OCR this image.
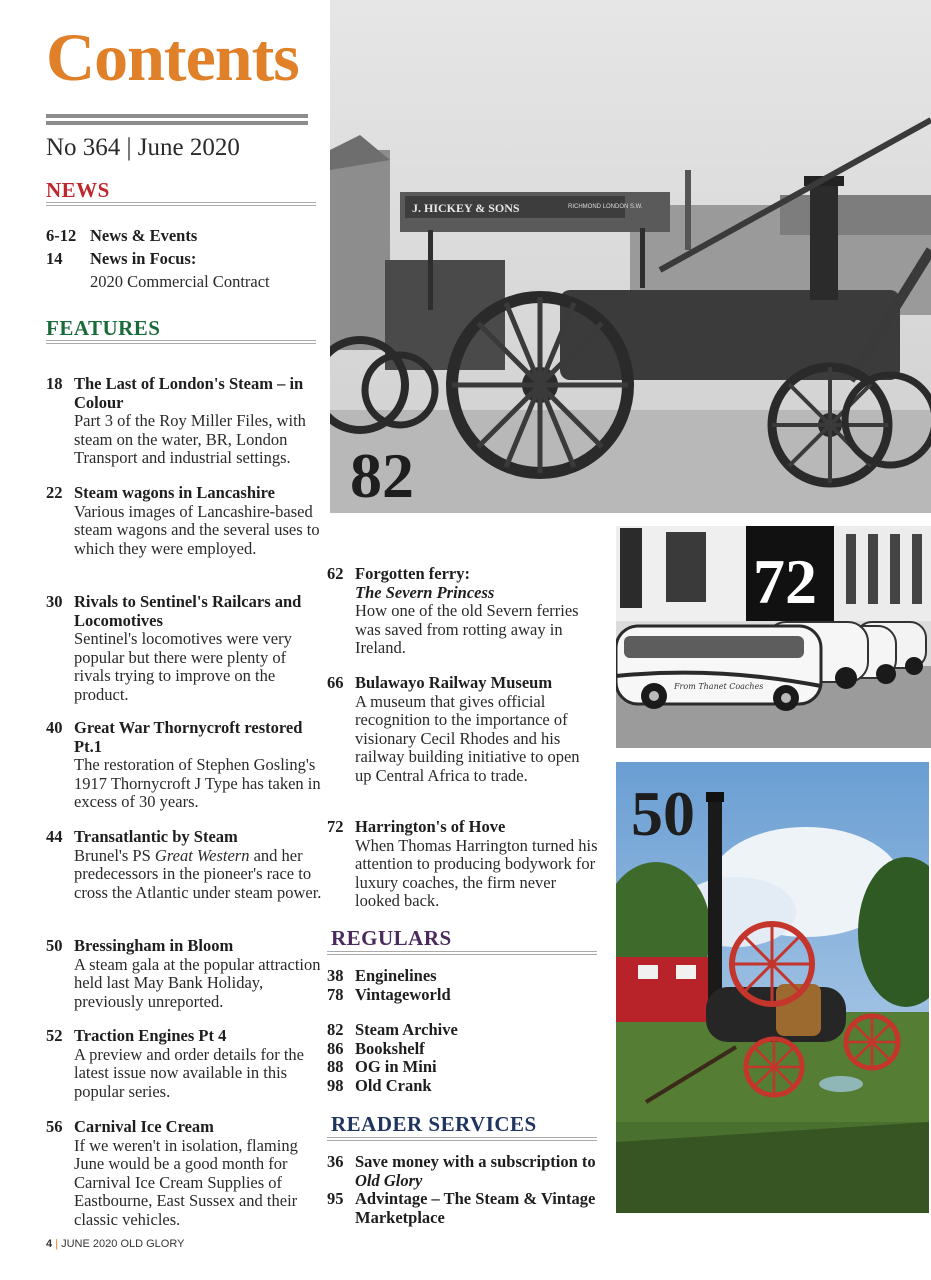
Contents
No 364 | June 2020
NEWS
6-12 News & Events
14 News in Focus:
2020 Commercial Contract
FEATURES
18 The Last of London's Steam – in Colour
Part 3 of the Roy Miller Files, with steam on the water, BR, London Transport and industrial settings.
22 Steam wagons in Lancashire
Various images of Lancashire-based steam wagons and the several uses to which they were employed.
30 Rivals to Sentinel's Railcars and Locomotives
Sentinel's locomotives were very popular but there were plenty of rivals trying to improve on the product.
40 Great War Thornycroft restored Pt.1
The restoration of Stephen Gosling's 1917 Thornycroft J Type has taken in excess of 30 years.
44 Transatlantic by Steam
Brunel's PS Great Western and her predecessors in the pioneer's race to cross the Atlantic under steam power.
50 Bressingham in Bloom
A steam gala at the popular attraction held last May Bank Holiday, previously unreported.
52 Traction Engines Pt 4
A preview and order details for the latest issue now available in this popular series.
56 Carnival Ice Cream
If we weren't in isolation, flaming June would be a good month for Carnival Ice Cream Supplies of Eastbourne, East Sussex and their classic vehicles.
62 Forgotten ferry:
The Severn Princess
How one of the old Severn ferries was saved from rotting away in Ireland.
66 Bulawayo Railway Museum
A museum that gives official recognition to the importance of visionary Cecil Rhodes and his railway building initiative to open up Central Africa to trade.
72 Harrington's of Hove
When Thomas Harrington turned his attention to producing bodywork for luxury coaches, the firm never looked back.
REGULARS
38 Enginelines
78 Vintageworld
82 Steam Archive
86 Bookshelf
88 OG in Mini
98 Old Crank
READER SERVICES
36 Save money with a subscription to Old Glory
95 Advintage – The Steam & Vintage Marketplace
J. HICKEY & SONS	RICHMOND LONDON S.W.
82
From Thanet Coaches
72
50
4 | JUNE 2020 OLD GLORY
